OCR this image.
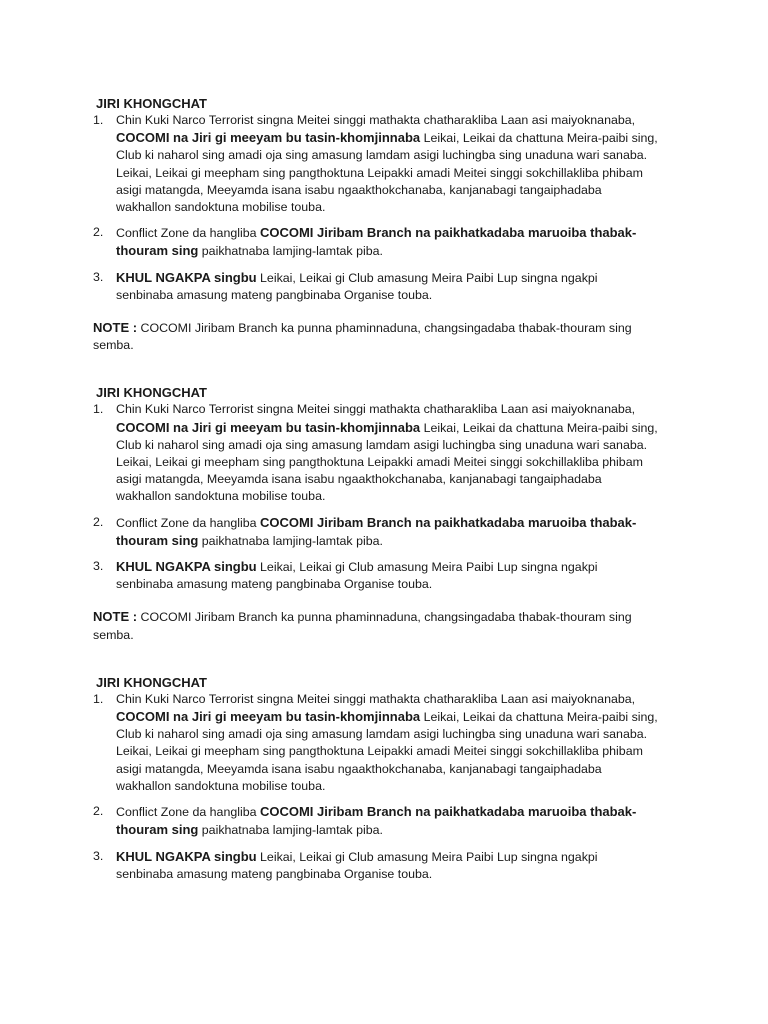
JIRI KHONGCHAT

1. Chin Kuki Narco Terrorist singna Meitei singgi mathakta chatharakliba Laan asi maiyoknanaba, COCOMI na Jiri gi meeyam bu tasin-khomjinnaba Leikai, Leikai da chattuna Meira-paibi sing, Club ki naharol sing amadi oja sing amasung lamdam asigi luchingba sing unaduna wari sanaba. Leikai, Leikai gi meepham sing pangthoktuna Leipakki amadi Meitei singgi sokchillakliba phibam asigi matangda, Meeyamda isana isabu ngaakthokchanaba, kanjanabagi tangaiphadaba wakhallon sandoktuna mobilise touba.
2. Conflict Zone da hangliba COCOMI Jiribam Branch na paikhatkadaba maruoiba thabak-thouram sing paikhatnaba lamjing-lamtak piba.
3. KHUL NGAKPA singbu Leikai, Leikai gi Club amasung Meira Paibi Lup singna ngakpi senbinaba amasung mateng pangbinaba Organise touba.

NOTE : COCOMI Jiribam Branch ka punna phaminnaduna, changsingadaba thabak-thouram sing semba.

JIRI KHONGCHAT

1. Chin Kuki Narco Terrorist singna Meitei singgi mathakta chatharakliba Laan asi maiyoknanaba, COCOMI na Jiri gi meeyam bu tasin-khomjinnaba Leikai, Leikai da chattuna Meira-paibi sing, Club ki naharol sing amadi oja sing amasung lamdam asigi luchingba sing unaduna wari sanaba. Leikai, Leikai gi meepham sing pangthoktuna Leipakki amadi Meitei singgi sokchillakliba phibam asigi matangda, Meeyamda isana isabu ngaakthokchanaba, kanjanabagi tangaiphadaba wakhallon sandoktuna mobilise touba.
2. Conflict Zone da hangliba COCOMI Jiribam Branch na paikhatkadaba maruoiba thabak-thouram sing paikhatnaba lamjing-lamtak piba.
3. KHUL NGAKPA singbu Leikai, Leikai gi Club amasung Meira Paibi Lup singna ngakpi senbinaba amasung mateng pangbinaba Organise touba.

NOTE : COCOMI Jiribam Branch ka punna phaminnaduna, changsingadaba thabak-thouram sing semba.

JIRI KHONGCHAT

1. Chin Kuki Narco Terrorist singna Meitei singgi mathakta chatharakliba Laan asi maiyoknanaba, COCOMI na Jiri gi meeyam bu tasin-khomjinnaba Leikai, Leikai da chattuna Meira-paibi sing, Club ki naharol sing amadi oja sing amasung lamdam asigi luchingba sing unaduna wari sanaba. Leikai, Leikai gi meepham sing pangthoktuna Leipakki amadi Meitei singgi sokchillakliba phibam asigi matangda, Meeyamda isana isabu ngaakthokchanaba, kanjanabagi tangaiphadaba wakhallon sandoktuna mobilise touba.
2. Conflict Zone da hangliba COCOMI Jiribam Branch na paikhatkadaba maruoiba thabak-thouram sing paikhatnaba lamjing-lamtak piba.
3. KHUL NGAKPA singbu Leikai, Leikai gi Club amasung Meira Paibi Lup singna ngakpi senbinaba amasung mateng pangbinaba Organise touba.
